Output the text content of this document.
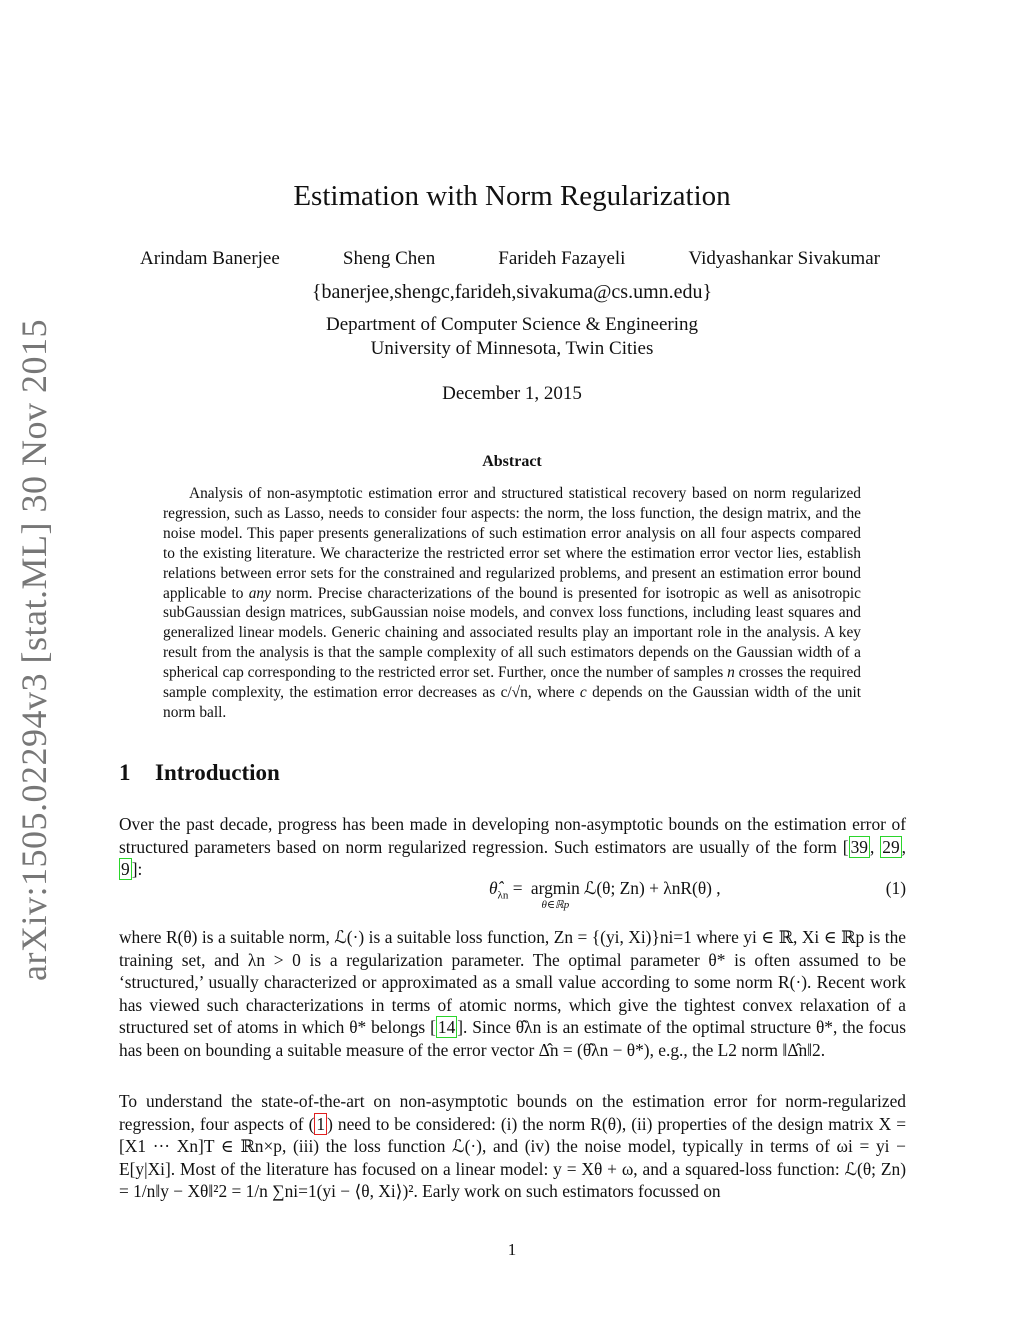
arXiv:1505.02294v3 [stat.ML] 30 Nov 2015
Estimation with Norm Regularization
Arindam Banerjee	Sheng Chen	Farideh Fazayeli	Vidyashankar Sivakumar
{banerjee,shengc,farideh,sivakuma@cs.umn.edu}
Department of Computer Science & Engineering
University of Minnesota, Twin Cities
December 1, 2015
Abstract
Analysis of non-asymptotic estimation error and structured statistical recovery based on norm regularized regression, such as Lasso, needs to consider four aspects: the norm, the loss function, the design matrix, and the noise model. This paper presents generalizations of such estimation error analysis on all four aspects compared to the existing literature. We characterize the restricted error set where the estimation error vector lies, establish relations between error sets for the constrained and regularized problems, and present an estimation error bound applicable to any norm. Precise characterizations of the bound is presented for isotropic as well as anisotropic subGaussian design matrices, subGaussian noise models, and convex loss functions, including least squares and generalized linear models. Generic chaining and associated results play an important role in the analysis. A key result from the analysis is that the sample complexity of all such estimators depends on the Gaussian width of a spherical cap corresponding to the restricted error set. Further, once the number of samples n crosses the required sample complexity, the estimation error decreases as c/√n, where c depends on the Gaussian width of the unit norm ball.
1 Introduction
Over the past decade, progress has been made in developing non-asymptotic bounds on the estimation error of structured parameters based on norm regularized regression. Such estimators are usually of the form [ 39 , 29 , 9 ]:
$\thetâ_{\lambda n} = argmin$
θ∈ℝp
ℒ(θ; Zn) + λnR(θ) ,	(1)
where R(θ) is a suitable norm, ℒ(·) is a suitable loss function, Zn = {(yi, Xi)}ni=1 where yi ∈ ℝ, Xi ∈ ℝp is the training set, and λn > 0 is a regularization parameter. The optimal parameter θ* is often assumed to be ‘structured,’ usually characterized or approximated as a small value according to some norm R(·). Recent work has viewed such characterizations in terms of atomic norms, which give the tightest convex relaxation of a structured set of atoms in which θ* belongs [ 14 ]. Since θ̂λn is an estimate of the optimal structure θ*, the focus has been on bounding a suitable measure of the error vector Δ̂n = (θ̂λn − θ*), e.g., the L2 norm ‖Δ̂n‖2.
To understand the state-of-the-art on non-asymptotic bounds on the estimation error for norm-regularized regression, four aspects of ( 1 ) need to be considered: (i) the norm R(θ), (ii) properties of the design matrix X = [X1 ··· Xn]T ∈ ℝn×p, (iii) the loss function ℒ(·), and (iv) the noise model, typically in terms of ωi = yi − E[y|Xi]. Most of the literature has focused on a linear model: y = Xθ + ω, and a squared-loss function: ℒ(θ; Zn) = 1/n‖y − Xθ‖²2 = 1/n ∑ni=1(yi − ⟨θ, Xi⟩)². Early work on such estimators focussed on
1
